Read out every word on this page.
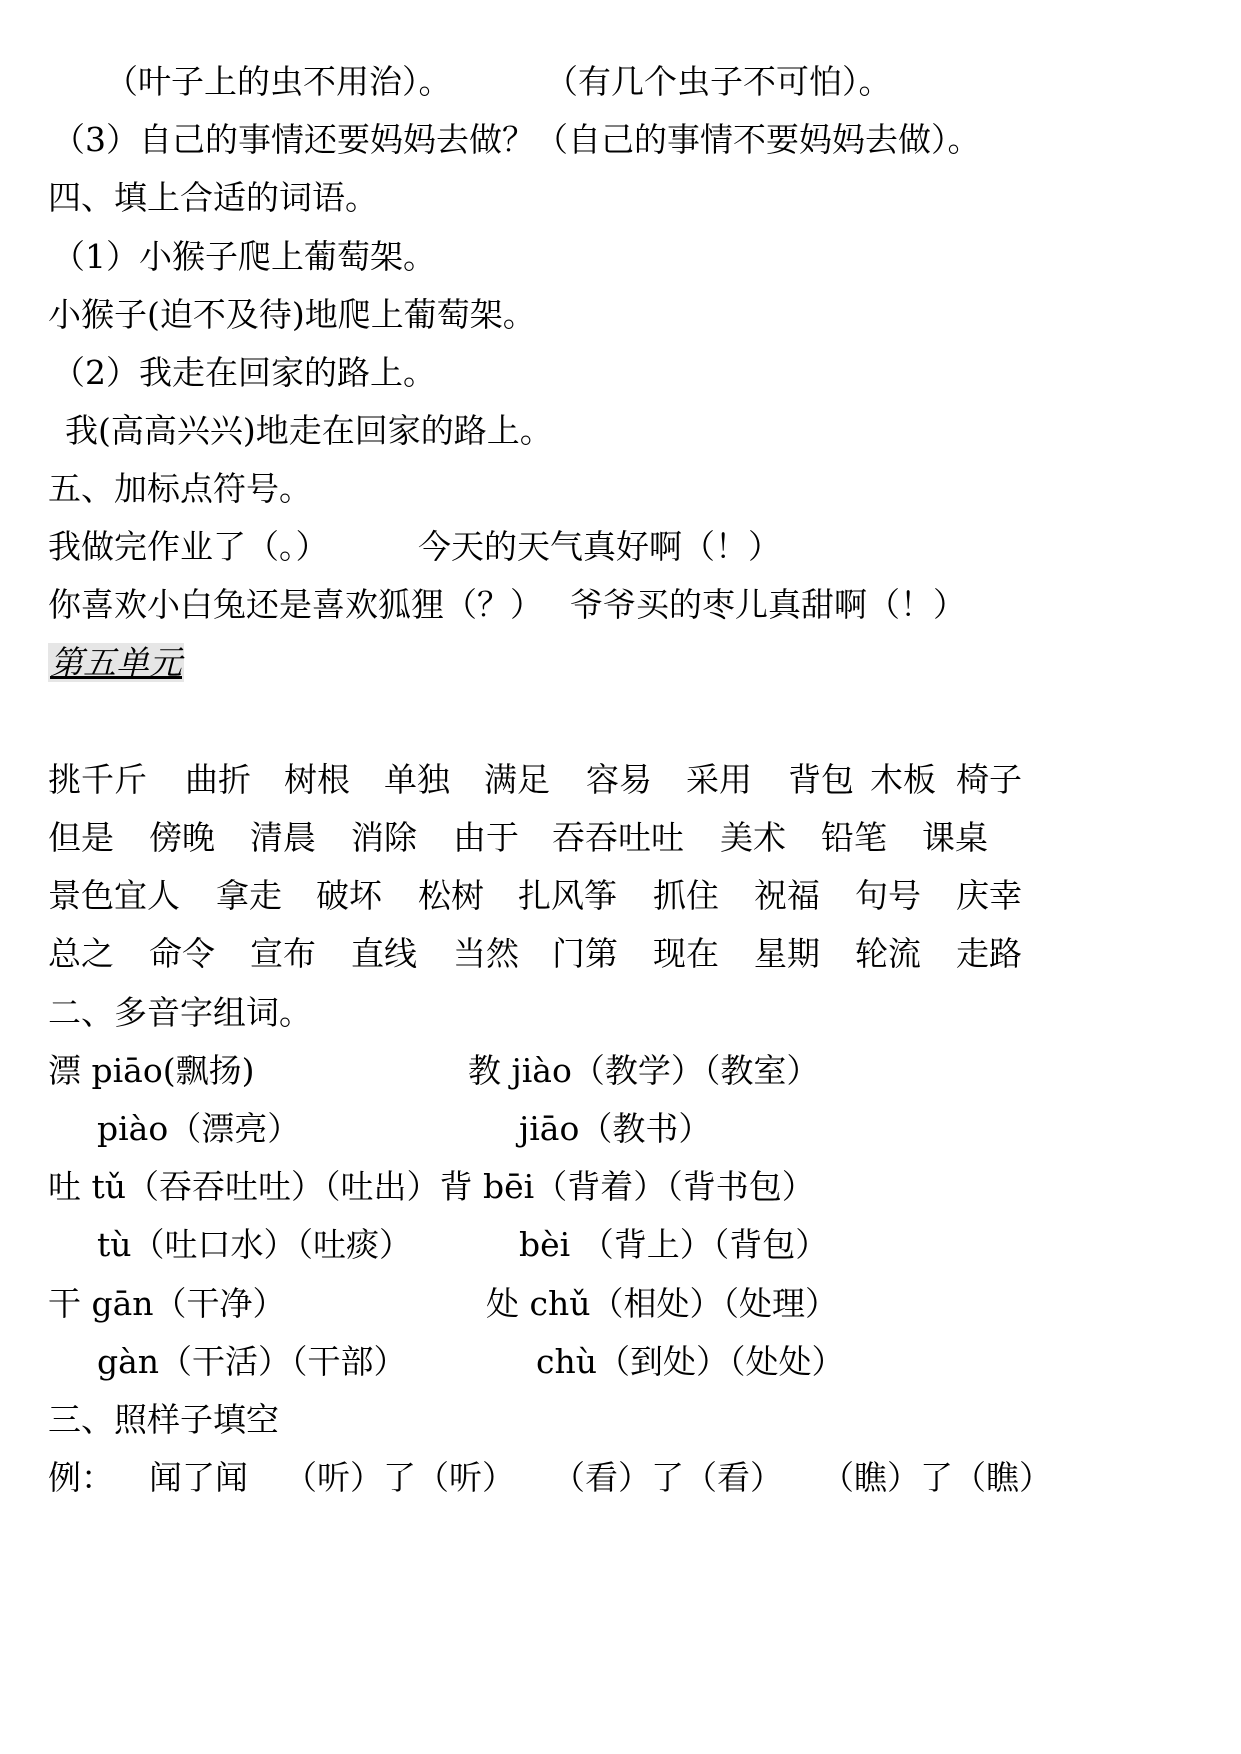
（叶子上的虫不用治）。	（有几个虫子不可怕）。
（3）自己的事情还要妈妈去做？（自己的事情不要妈妈去做）。
四、填上合适的词语。
（1）小猴子爬上葡萄架。
小猴子(迫不及待)地爬上葡萄架。
（2）我走在回家的路上。
我(高高兴兴)地走在回家的路上。
五、加标点符号。
我做完作业了（。）	今天的天气真好啊（！）
你喜欢小白兔还是喜欢狐狸（？） 爷爷买的枣儿真甜啊（！）
第五单元
挑千斤 曲折 树根 单独 满足 容易 采用 背包 木板 椅子
但是 傍晚 清晨 消除 由于 吞吞吐吐 美术 铅笔 课桌
景色宜人 拿走 破坏 松树 扎风筝 抓住 祝福 句号 庆幸
总之 命令 宣布 直线 当然 门第 现在 星期 轮流 走路
二、多音字组词。
漂 piāo(飘扬)	教 jiào（教学）（教室）
piào（漂亮）	jiāo（教书）
吐 tǔ（吞吞吐吐）（吐出）背 bēi（背着）（背书包）
tù（吐口水）（吐痰）	bèi （背上）（背包）
干 gān（干净）	处 chǔ（相处）（处理）
gàn（干活）（干部）	chù（到处）（处处）
三、照样子填空
例： 闻了闻 （听）了（听） （看）了（看） （瞧）了（瞧）
